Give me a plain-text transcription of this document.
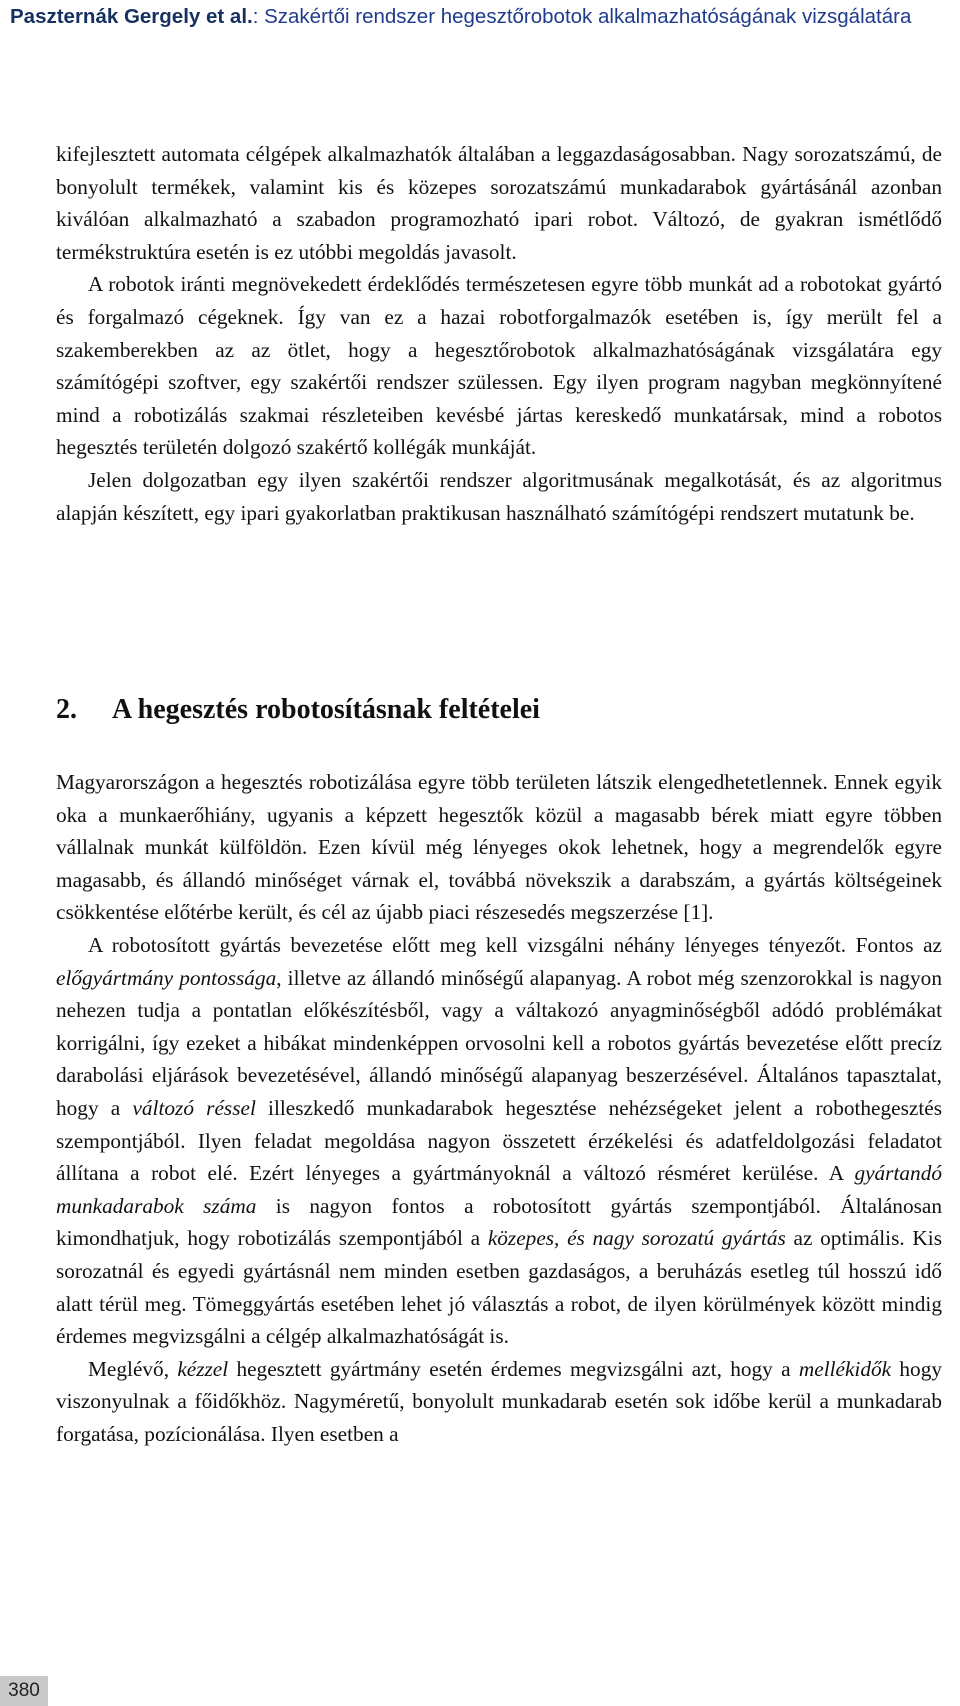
Paszternák Gergely et al.: Szakértői rendszer hegesztőrobotok alkalmazhatóságának vizsgálatára

kifejlesztett automata célgépek alkalmazhatók általában a leggazdaságosabban. Nagy sorozatszámú, de bonyolult termékek, valamint kis és közepes sorozatszámú munkadarabok gyártásánál azonban kiválóan alkalmazható a szabadon programozható ipari robot. Változó, de gyakran ismétlődő termékstruktúra esetén is ez utóbbi megoldás javasolt.

A robotok iránti megnövekedett érdeklődés természetesen egyre több munkát ad a robotokat gyártó és forgalmazó cégeknek. Így van ez a hazai robotforgalmazók esetében is, így merült fel a szakemberekben az az ötlet, hogy a hegesztőrobotok alkalmazhatóságának vizsgálatára egy számítógépi szoftver, egy szakértői rendszer szülessen. Egy ilyen program nagyban megkönnyítené mind a robotizálás szakmai részleteiben kevésbé jártas kereskedő munkatársak, mind a robotos hegesztés területén dolgozó szakértő kollégák munkáját.

Jelen dolgozatban egy ilyen szakértői rendszer algoritmusának megalkotását, és az algoritmus alapján készített, egy ipari gyakorlatban praktikusan használható számítógépi rendszert mutatunk be.

2. A hegesztés robotosításnak feltételei

Magyarországon a hegesztés robotizálása egyre több területen látszik elengedhetetlennek. Ennek egyik oka a munkaerőhiány, ugyanis a képzett hegesztők közül a magasabb bérek miatt egyre többen vállalnak munkát külföldön. Ezen kívül még lényeges okok lehetnek, hogy a megrendelők egyre magasabb, és állandó minőséget várnak el, továbbá növekszik a darabszám, a gyártás költségeinek csökkentése előtérbe került, és cél az újabb piaci részesedés megszerzése [1].

A robotosított gyártás bevezetése előtt meg kell vizsgálni néhány lényeges tényezőt. Fontos az előgyártmány pontossága, illetve az állandó minőségű alapanyag. A robot még szenzorokkal is nagyon nehezen tudja a pontatlan előkészítésből, vagy a váltakozó anyagminőségből adódó problémákat korrigálni, így ezeket a hibákat mindenképpen orvosolni kell a robotos gyártás bevezetése előtt precíz darabolási eljárások bevezetésével, állandó minőségű alapanyag beszerzésével. Általános tapasztalat, hogy a változó réssel illeszkedő munkadarabok hegesztése nehézségeket jelent a robothegesztés szempontjából. Ilyen feladat megoldása nagyon összetett érzékelési és adatfeldolgozási feladatot állítana a robot elé. Ezért lényeges a gyártmányoknál a változó résméret kerülése. A gyártandó munkadarabok száma is nagyon fontos a robotosított gyártás szempontjából. Általánosan kimondhatjuk, hogy robotizálás szempontjából a közepes, és nagy sorozatú gyártás az optimális. Kis sorozatnál és egyedi gyártásnál nem minden esetben gazdaságos, a beruházás esetleg túl hosszú idő alatt térül meg. Tömeggyártás esetében lehet jó választás a robot, de ilyen körülmények között mindig érdemes megvizsgálni a célgép alkalmazhatóságát is.

Meglévő, kézzel hegesztett gyártmány esetén érdemes megvizsgálni azt, hogy a mellékidők hogy viszonyulnak a főidőkhöz. Nagyméretű, bonyolult munkadarab esetén sok időbe kerül a munkadarab forgatása, pozícionálása. Ilyen esetben a

380
